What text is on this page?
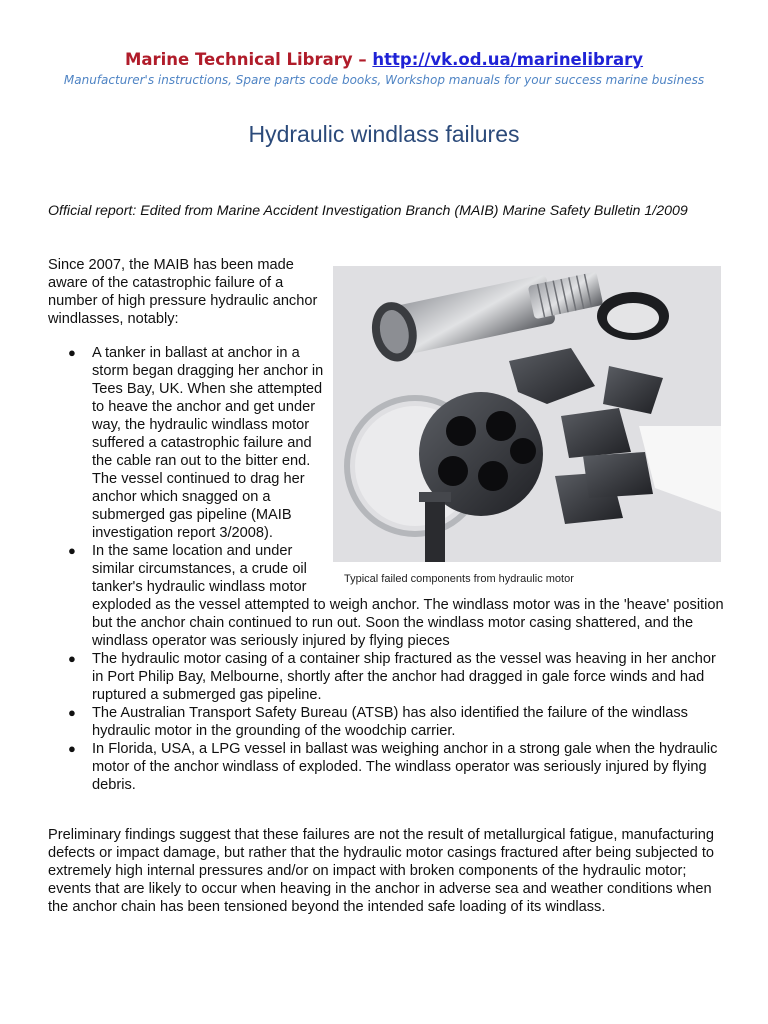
Marine Technical Library – http://vk.od.ua/marinelibrary
Manufacturer's instructions, Spare parts code books, Workshop manuals for your success marine business
Hydraulic windlass failures
Official report: Edited from Marine Accident Investigation Branch (MAIB) Marine Safety Bulletin 1/2009
Since 2007, the MAIB has been made aware of the catastrophic failure of a number of high pressure hydraulic anchor windlasses, notably:
Typical failed components from hydraulic motor
● A tanker in ballast at anchor in a storm began dragging her anchor in Tees Bay, UK. When she attempted to heave the anchor and get under way, the hydraulic windlass motor suffered a catastrophic failure and the cable ran out to the bitter end. The vessel continued to drag her anchor which snagged on a submerged gas pipeline (MAIB investigation report 3/2008).
● In the same location and under similar circumstances, a crude oil tanker's hydraulic windlass motor
exploded as the vessel attempted to weigh anchor. The windlass motor was in the 'heave' position but the anchor chain continued to run out. Soon the windlass motor casing shattered, and the windlass operator was seriously injured by flying pieces
● The hydraulic motor casing of a container ship fractured as the vessel was heaving in her anchor in Port Philip Bay, Melbourne, shortly after the anchor had dragged in gale force winds and had ruptured a submerged gas pipeline.
● The Australian Transport Safety Bureau (ATSB) has also identified the failure of the windlass hydraulic motor in the grounding of the woodchip carrier.
● In Florida, USA, a LPG vessel in ballast was weighing anchor in a strong gale when the hydraulic motor of the anchor windlass of exploded. The windlass operator was seriously injured by flying debris.
Preliminary findings suggest that these failures are not the result of metallurgical fatigue, manufacturing defects or impact damage, but rather that the hydraulic motor casings fractured after being subjected to extremely high internal pressures and/or on impact with broken components of the hydraulic motor; events that are likely to occur when heaving in the anchor in adverse sea and weather conditions when the anchor chain has been tensioned beyond the intended safe loading of its windlass.
